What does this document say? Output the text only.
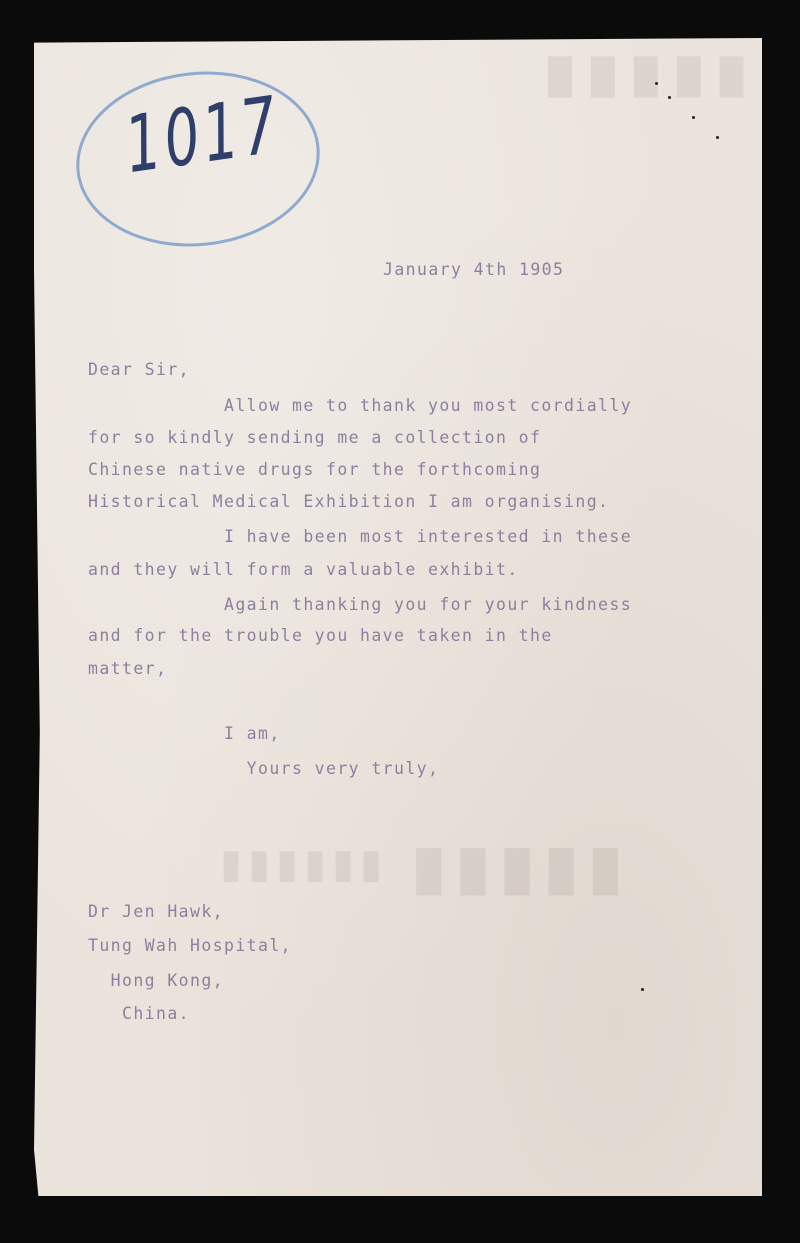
1017
January 4th 1905
Dear Sir,
Allow me to thank you most cordially
for so kindly sending me a collection of
Chinese native drugs for the forthcoming
Historical Medical Exhibition I am organising.
I have been most interested in these
and they will form a valuable exhibit.
Again thanking you for your kindness
and for the trouble you have taken in the
matter,
I am,
Yours very truly,
Dr Jen Hawk,
Tung Wah Hospital,
Hong Kong,
China.
